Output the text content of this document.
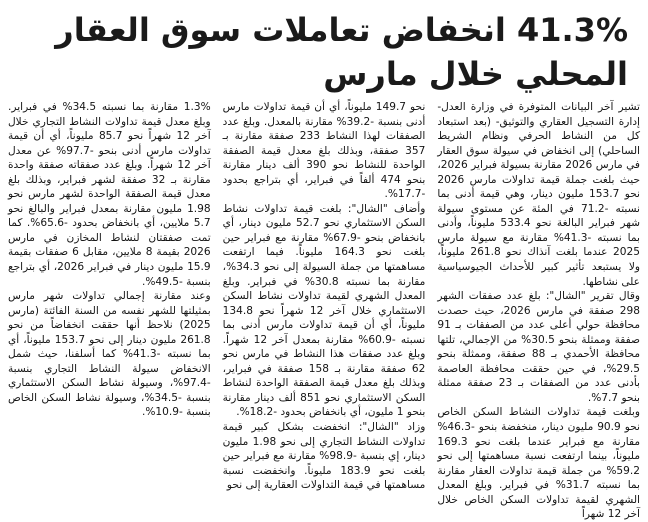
41.3% انخفاض تعاملات سوق العقار
المحلي خلال مارس

تشير آخر البيانات المتوفرة في وزارة العدل- إدارة التسجيل العقاري والتوثيق- (بعد استبعاد كل من النشاط الحرفي ونظام الشريط الساحلي) إلى انخفاض في سيولة سوق العقار في مارس 2026 مقارنة بسيولة فبراير 2026، حيث بلغت جملة قيمة تداولات مارس 2026 نحو 153.7 مليون دينار، وهي قيمة أدنى بما نسبته -71.2 في المئة عن مستوى سيولة شهر فبراير البالغة نحو 533.4 مليوناً، وأدنى بما نسبته -41.3% مقارنة مع سيولة مارس 2025 عندما بلغت آنذاك نحو 261.8 مليوناً، ولا يستبعد تأثير كبير للأحداث الجيوسياسية على نشاطها.

وقال تقرير "الشال": بلغ عدد صفقات الشهر 298 صفقة في مارس 2026، حيث حصدت محافظة حولي أعلى عدد من الصفقات بـ 91 صفقة وممثلة بنحو 30.5% من الإجمالي، تلتها محافظة الأحمدي بـ 88 صفقة، وممثلة بنحو 29.5%، في حين حققت محافظة العاصمة بأدنى عدد من الصفقات بـ 23 صفقة ممثلة بنحو 7.7%.

وبلغت قيمة تداولات النشاط السكن الخاص نحو 90.9 مليون دينار، منخفضة بنحو -46.3% مقارنة مع فبراير عندما بلغت نحو 169.3 مليوناً، بينما ارتفعت نسبة مساهمتها إلى نحو 59.2% من جملة قيمة تداولات العقار مقارنة بما نسبته 31.7% في فبراير. وبلغ المعدل الشهري لقيمة تداولات السكن الخاص خلال آخر 12 شهراً

نحو 149.7 مليوناً، أي أن قيمة تداولات مارس أدنى بنسبة -39.2% مقارنة بالمعدل. وبلغ عدد الصفقات لهذا النشاط 233 صفقة مقارنة بـ 357 صفقة، وبذلك بلغ معدل قيمة الصفقة الواحدة للنشاط نحو 390 ألف دينار مقارنة بنحو 474 ألفاً في فبراير، أي بتراجع بحدود -17.7%.

وأضاف "الشال": بلغت قيمة تداولات نشاط السكن الاستثماري نحو 52.7 مليون دينار، أي بانخفاض بنحو -67.9% مقارنة مع فبراير حين بلغت نحو 164.3 مليوناً. فيما ارتفعت مساهمتها من جملة السيولة إلى نحو 34.3%، مقارنة بما نسبته 30.8% في فبراير. وبلغ المعدل الشهري لقيمة تداولات نشاط السكن الاستثماري خلال آخر 12 شهراً نحو 134.8 مليوناً، أي أن قيمة تداولات مارس أدنى بما نسبته -60.9% مقارنة بمعدل آخر 12 شهراً. وبلغ عدد صفقات هذا النشاط في مارس نحو 62 صفقة مقارنة بـ 158 صفقة في فبراير، وبذلك بلغ معدل قيمة الصفقة الواحدة لنشاط السكن الاستثماري نحو 851 ألف دينار مقارنة بنحو 1 مليون، أي بانخفاض بحدود -18.2%.

وزاد "الشال": انخفضت بشكل كبير قيمة تداولات النشاط التجاري إلى نحو 1.98 مليون دينار، إي بنسبة -98.9% مقارنة مع فبراير حين بلغت نحو 183.9 مليوناً. وانخفضت نسبة مساهمتها في قيمة التداولات العقارية إلى نحو

1.3% مقارنة بما نسبته 34.5% في فبراير. وبلغ معدل قيمة تداولات النشاط التجاري خلال آخر 12 شهراً نحو 85.7 مليوناً، أي أن قيمة تداولات مارس أدنى بنحو -97.7% عن معدل آخر 12 شهراً. وبلغ عدد صفقاته صفقة واحدة مقارنة بـ 32 صفقة لشهر فبراير، وبذلك بلغ معدل قيمة الصفقة الواحدة لشهر مارس نحو 1.98 مليون مقارنة بمعدل فبراير والبالغ نحو 5.7 ملايين، أي بانخفاض بحدود -65.6%. كما تمت صفقتان لنشاط المخازن في مارس 2026 بقيمة 8 ملايين، مقابل 6 صفقات بقيمة 15.9 مليون دينار في فبراير 2026، أي بتراجع بنسبة -49.5%.

وعند مقارنة إجمالي تداولات شهر مارس بمثيلتها للشهر نفسه من السنة الفائتة (مارس 2025) نلاحظ أنها حققت انخفاضاً من نحو 261.8 مليون دينار إلى نحو 153.7 مليوناً، أي بما نسبته -41.3% كما أسلفنا، حيث شمل الانخفاض سيولة النشاط التجاري بنسبة -97.4%، وسيولة نشاط السكن الاستثماري بنسبة -34.5%، وسيولة نشاط السكن الخاص بنسبة -10.9%.
